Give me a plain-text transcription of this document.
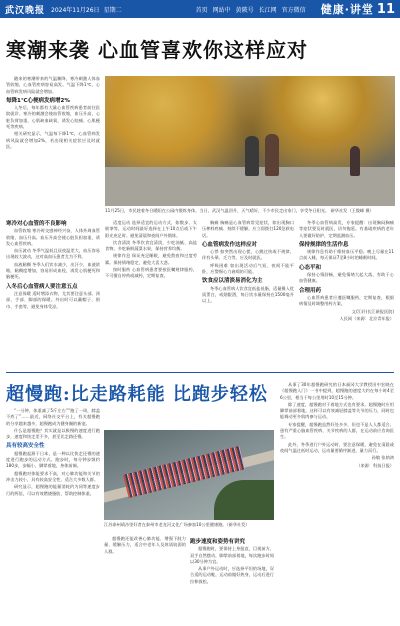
武汉晚报 2024年11月26日 星期二	首页 网站中 黄陂号 长江网 官方微信 健康·讲堂 11
寒潮来袭 心血管喜欢你这样应对

随来的寒潮带来的气温骤降，寒冷刺激人体血管收缩，心血管疾病容易高发。气温下降1℃，心血管病发病风险就会增加。

每降1℃心梗病发病增2%

入冬后，每年都有大量心血管疾病患者前往医院就诊。寒冷的刺激会使血管收缩，血压升高，心脏负荷加重，心肌缺血缺氧，诱发心绞痛、心肌梗死等疾病。

相关研究显示，气温每下降1℃，心血管病发病风险就会增加2%，若出现相关症状应及时就医。

11月25日，市民趁着冬日暖阳在公园内锻炼身体。当日，武汉气温回升，天气晴好，不少市民走出家门，享受冬日阳光。 新华社发（王俊峰 摄）

寒冷对心血管的不良影响

血管收缩 寒冷时交感神经兴奋，人体外周血管收缩，血压升高。血压升高会使心脏负担加重，诱发心血管疾病。

血压波动 冬季气温低且昼夜温差大，血压容易出现较大波动，这对高血压患者尤为不利。

血液黏稠 冬季人们饮水减少，出汗少，血液浓缩，黏稠度增加，容易形成血栓，诱发心肌梗死和脑梗死。

入冬后心血管病人要注意五点

注意保暖 适时增添衣物，尤其要注意头部、颈部、手部、脚部的保暖。外出时可以戴帽子、围巾、手套等，避免身体受凉。

适度运动 选择适宜的运动方式，如散步、太极拳等，运动时间最好选择在上午10点后或下午阳光充足时。避免清晨和夜间户外锻炼。

饮食清淡 冬季饮食宜清淡，少吃油腻、高盐食物。多吃新鲜蔬菜水果，保持营养均衡。

规律作息 保证充足睡眠，避免熬夜和过度劳累。保持情绪稳定，避免大喜大悲。

按时服药 心血管病患者要按医嘱规律服药，不可擅自停药或减药，定期复查。

胸痛 胸痛是心血管病常见症状，如出现胸口压榨样疼痛、持续不缓解，应立即拨打120急救电话。

心血管病发作这样应对

心悸 如突然出现心慌、心跳过快或不规律，伴有头晕、乏力等，应及时就医。

呼吸困难 如出现活动后气短、夜间不能平卧，应警惕心力衰竭的可能。

饮食应以清淡易消化为主

冬季心血管病人饮食宜低盐低脂，适量摄入优质蛋白，戒烟限酒，每日饮水量保持在1500毫升以上。

冬季心血管病高发，专家提醒：出现胸闷胸痛等症状要及时就医，切勿拖延。有基础疾病的老年人要做好防护，定期监测血压。

保持规律的生活作息

规律作息有助于维持血压平稳。晚上尽量在11点前入睡，每天保证7至8小时的睡眠时间。

心态平和

保持心情舒畅，避免情绪大起大落，有助于心血管健康。

合理用药

心血管病患者应遵医嘱服药，定期复查，根据病情及时调整用药方案。

文/江轩(长江新报医院)

人民网（来源：北京青年报）

超慢跑:比走路耗能 比跑步轻松

“一分钟，体重减了5斤左右”“跑了一周，膝盖不疼了”……最近，网络社交平台上，有关超慢跑的分享越来越多，超慢跑成为健身圈的新宠。

什么是超慢跑？其实就是以极慢的速度进行跑步，速度和快走差不多，甚至比走路还慢。

具有较高安全性

超慢跑起源于日本，是一种以比快走还慢的速度进行跑步的运动方式。跑步时，每分钟步频约180步，步幅小，脚掌着地，身体前倾。

超慢跑对体能要求不高，对心肺功能和关节的冲击力较小，具有较高安全性，适合大多数人群。

研究显示，超慢跑的能量消耗约为同等速度步行的两倍，可以有效燃烧脂肪，帮助控制体重。

江苏泰州靖沙里好者在泰州市老龙河文化广场参加10公里健康跑。（新华社发）

超慢跑还能改善心肺功能、增强下肢力量、缓解压力，适合中老年人及体质较弱的人群。

跑步速度和姿势有讲究

超慢跑时，要保持上身挺直，目视前方，双手自然摆动，脚掌前部着地，每次跑步时间以30分钟为宜。

从事户外运动时，应选择平坦的场地，穿合适的运动鞋，运动前做好热身，运动后进行拉伸放松。

从事了30年超慢跑研究的日本福冈大学教授田中宏晓在《超慢跑入门》一书中提到，超慢跑的速度大约在每小时4至6公里，相当于每公里用时10至15分钟。

除了速度，超慢跑对于着地方式也有要求。超慢跑时应用脚掌前部着地，这样可以有效减轻膝盖等关节的压力，同时也能调动更多肌肉参与运动。

专家提醒，超慢跑虽然好处多多，但也不是人人都适合。患有严重心脑血管疾病、关节疾病的人群，在运动前应咨询医生。

此外，冬季进行户外运动时，要注意保暖，避免在清晨或夜间气温过低时运动，运动量要循序渐进，量力而行。

孙敏 张纳鸿

（来源：科技日报）
